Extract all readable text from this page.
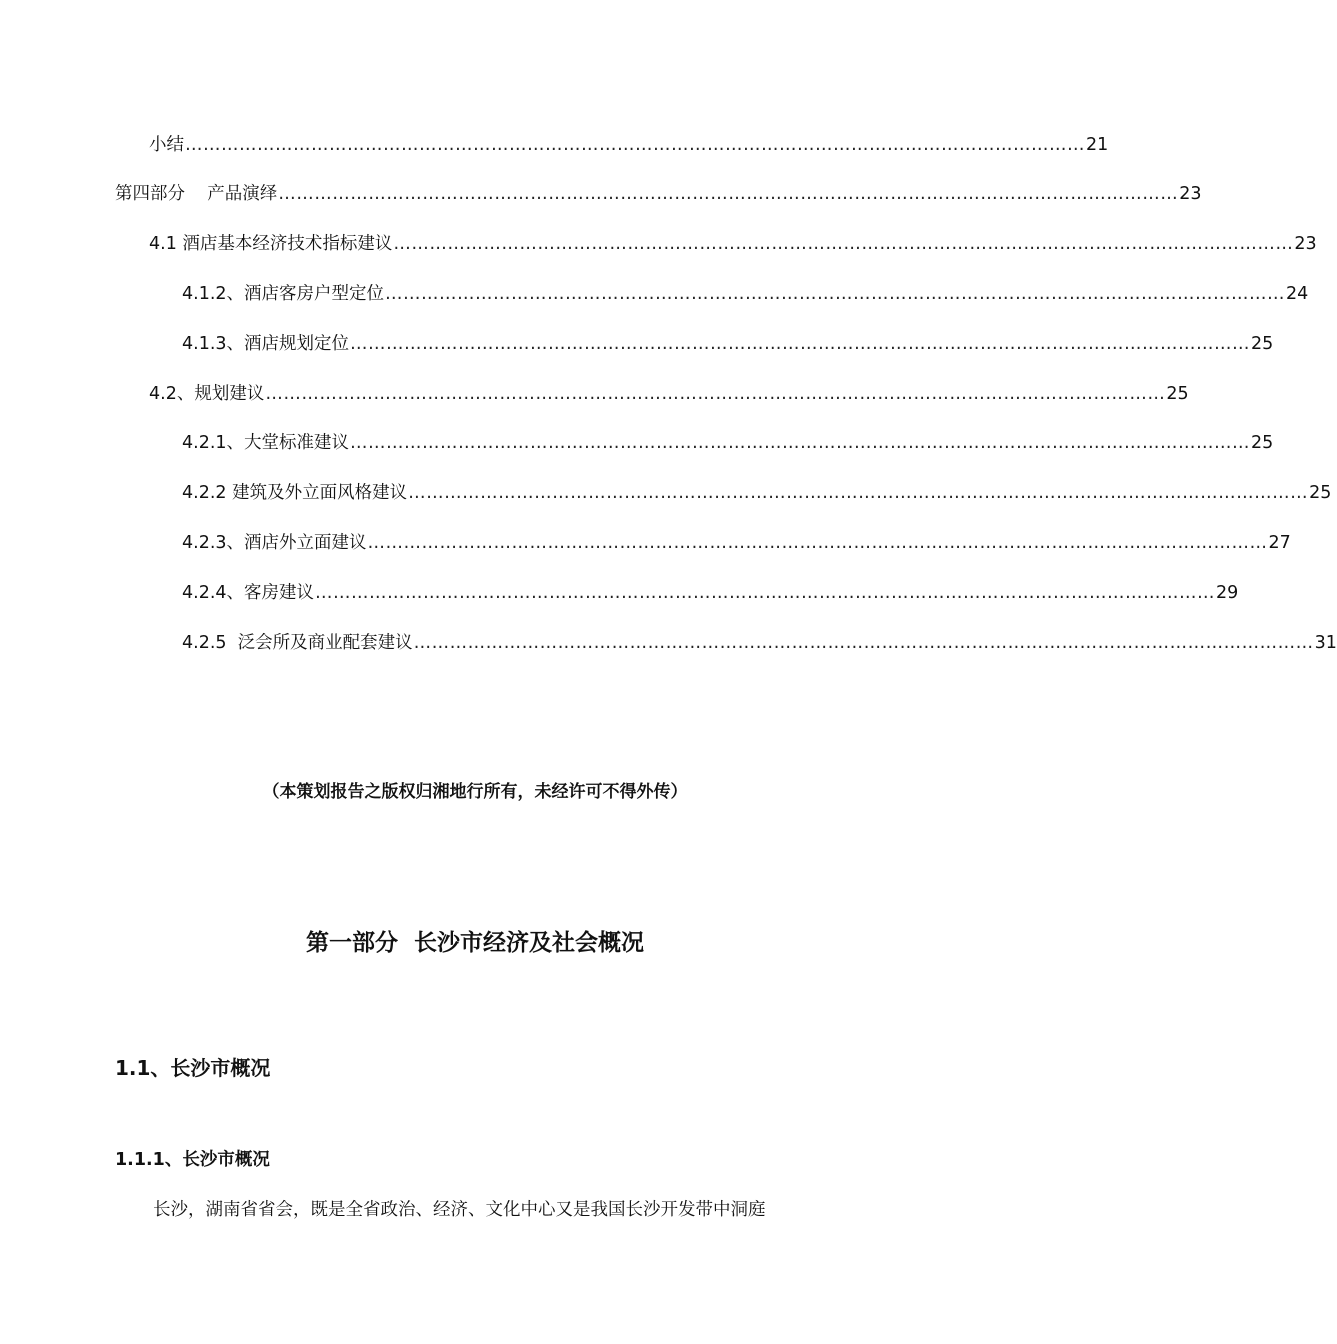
小结 …………………………………………………………………………………………………………………………………… 21
第四部分    产品演绎 …………………………………………………………………………………………………………………………………… 23
4.1 酒店基本经济技术指标建议 …………………………………………………………………………………………………………………………………… 23
4.1.2、酒店客房户型定位 …………………………………………………………………………………………………………………………………… 24
4.1.3、酒店规划定位 …………………………………………………………………………………………………………………………………… 25
4.2、规划建议 …………………………………………………………………………………………………………………………………… 25
4.2.1、大堂标准建议 …………………………………………………………………………………………………………………………………… 25
4.2.2 建筑及外立面风格建议 …………………………………………………………………………………………………………………………………… 25
4.2.3、酒店外立面建议 …………………………………………………………………………………………………………………………………… 27
4.2.4、客房建议 …………………………………………………………………………………………………………………………………… 29
4.2.5  泛会所及商业配套建议 …………………………………………………………………………………………………………………………………… 31
（本策划报告之版权归湘地行所有，未经许可不得外传）
第一部分  长沙市经济及社会概况
1.1、长沙市概况
1.1.1、长沙市概况
长沙，湖南省省会，既是全省政治、经济、文化中心又是我国长沙开发带中洞庭
